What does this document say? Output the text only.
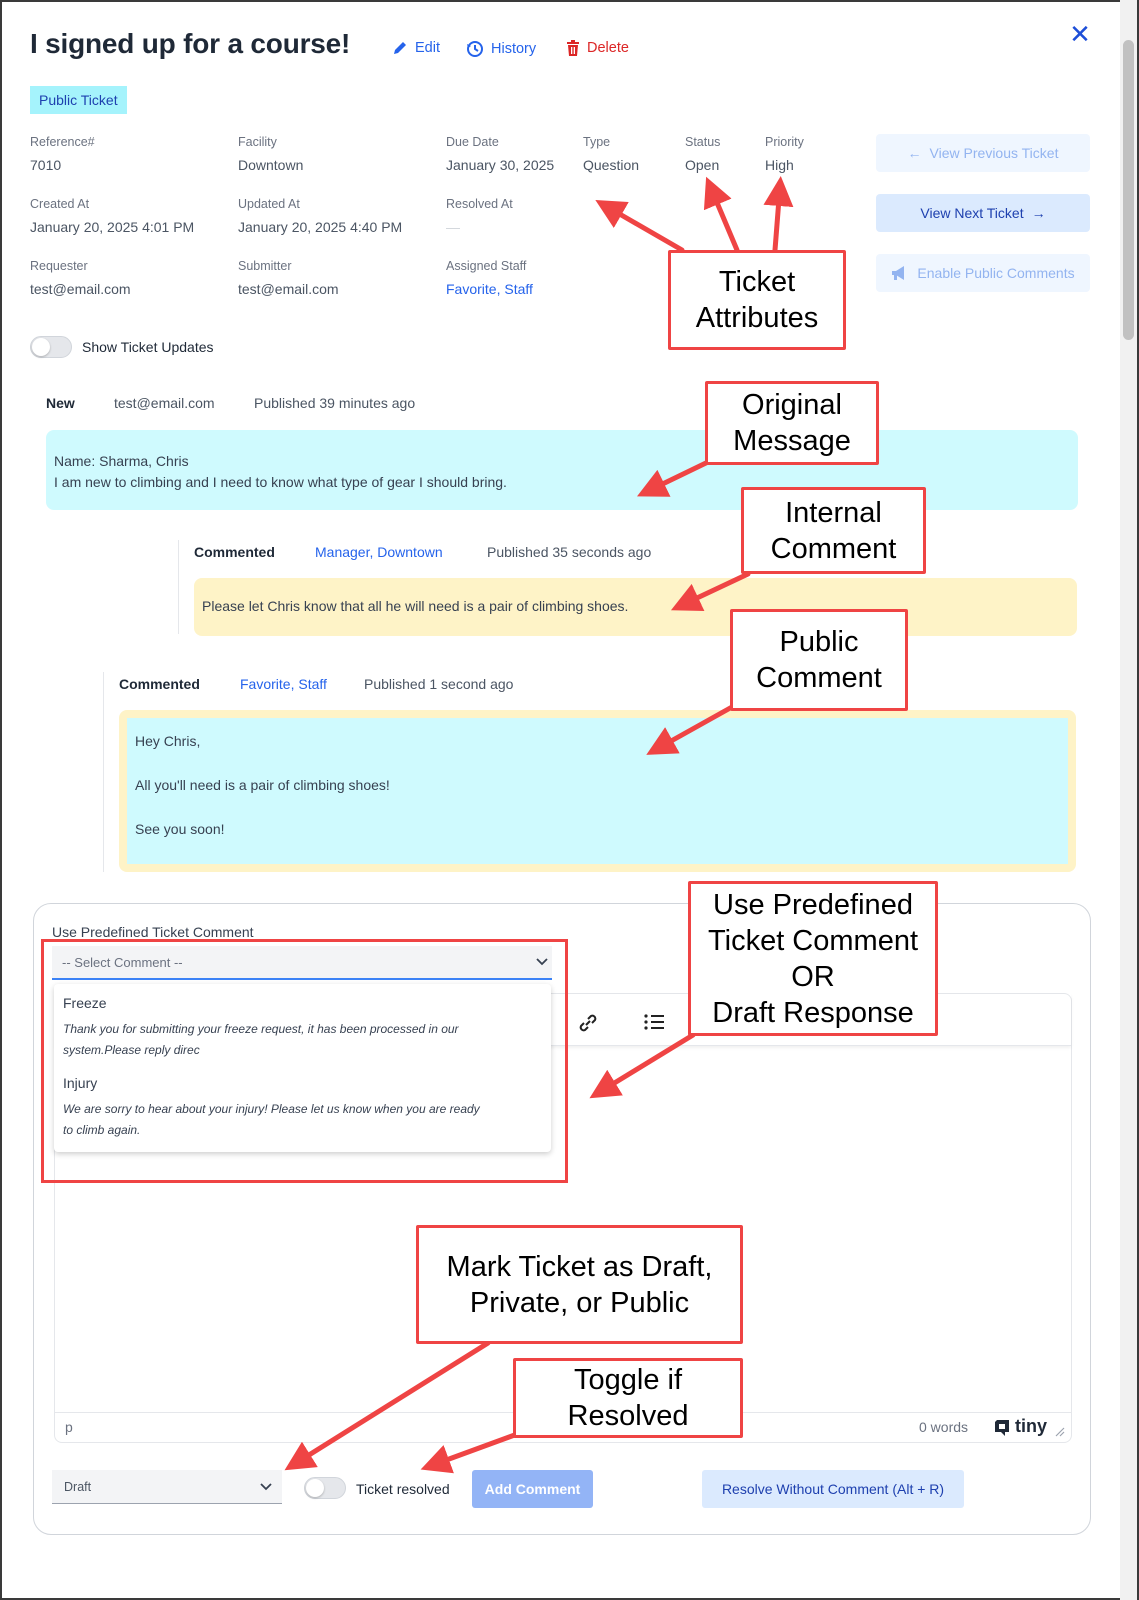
I signed up for a course!	Edit	History	Delete	✕
Public Ticket
Reference#
7010
Facility
Downtown
Due Date
January 30, 2025
Type
Question
Status
Open
Priority
High
Created At
January 20, 2025 4:01 PM
Updated At
January 20, 2025 4:40 PM
Resolved At
—
Requester
test@email.com
Submitter
test@email.com
Assigned Staff
Favorite, Staff
← View Previous Ticket
View Next Ticket →
Enable Public Comments
Show Ticket Updates
New	test@email.com	Published 39 minutes ago

Name: Sharma, Chris

I am new to climbing and I need to know what type of gear I should bring.

Commented	Manager, Downtown	Published 35 seconds ago

Please let Chris know that all he will need is a pair of climbing shoes.

Commented	Favorite, Staff	Published 1 second ago

Hey Chris,

All you'll need is a pair of climbing shoes!

See you soon!

Use Predefined Ticket Comment
p	0 words	tiny
-- Select Comment --
Freeze
Thank you for submitting your freeze request, it has been processed in our system.Please reply direc
Injury
We are sorry to hear about your injury! Please let us know when you are ready to climb again.
Draft	Ticket resolved	Add Comment	Resolve Without Comment (Alt + R)
Ticket
Attributes
Original
Message
Internal
Comment
Public
Comment
Use Predefined
Ticket Comment
OR
Draft Response
Mark Ticket as Draft,
Private, or Public
Toggle if
Resolved
